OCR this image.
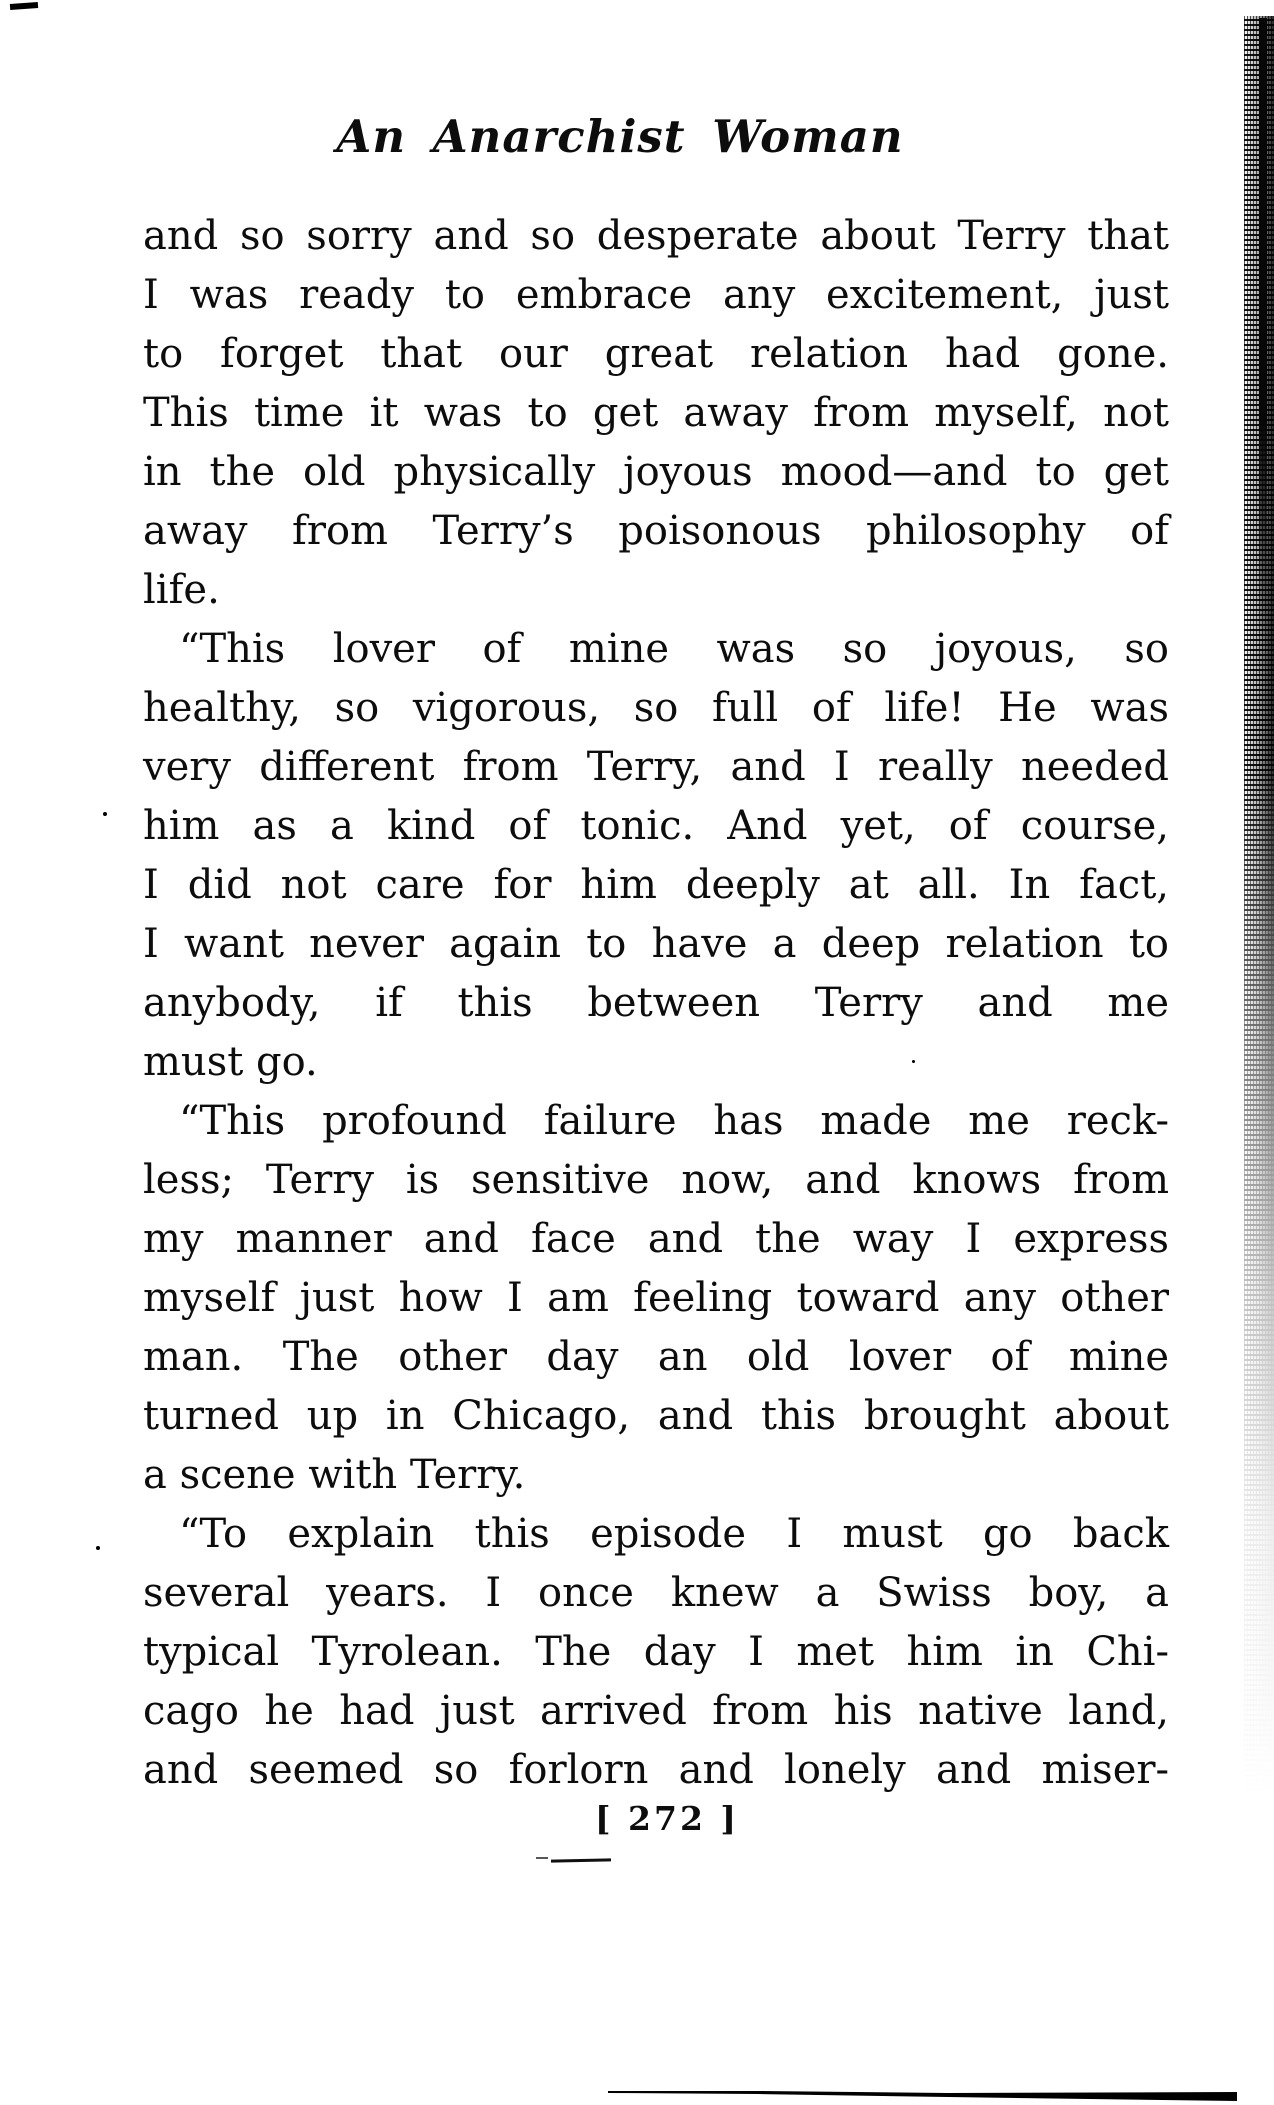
An Anarchist Woman
and so sorry and so desperate about Terry that
I was ready to embrace any excitement, just
to forget that our great relation had gone.
This time it was to get away from myself, not
in the old physically joyous mood—and to get
away from Terry’s poisonous philosophy of
life.
“This lover of mine was so joyous, so
healthy, so vigorous, so full of life! He was
very different from Terry, and I really needed
him as a kind of tonic. And yet, of course,
I did not care for him deeply at all. In fact,
I want never again to have a deep relation to
anybody, if this between Terry and me
must go.
“This profound failure has made me reck-
less; Terry is sensitive now, and knows from
my manner and face and the way I express
myself just how I am feeling toward any other
man. The other day an old lover of mine
turned up in Chicago, and this brought about
a scene with Terry.
“To explain this episode I must go back
several years. I once knew a Swiss boy, a
typical Tyrolean. The day I met him in Chi-
cago he had just arrived from his native land,
and seemed so forlorn and lonely and miser-
[ 272 ]
